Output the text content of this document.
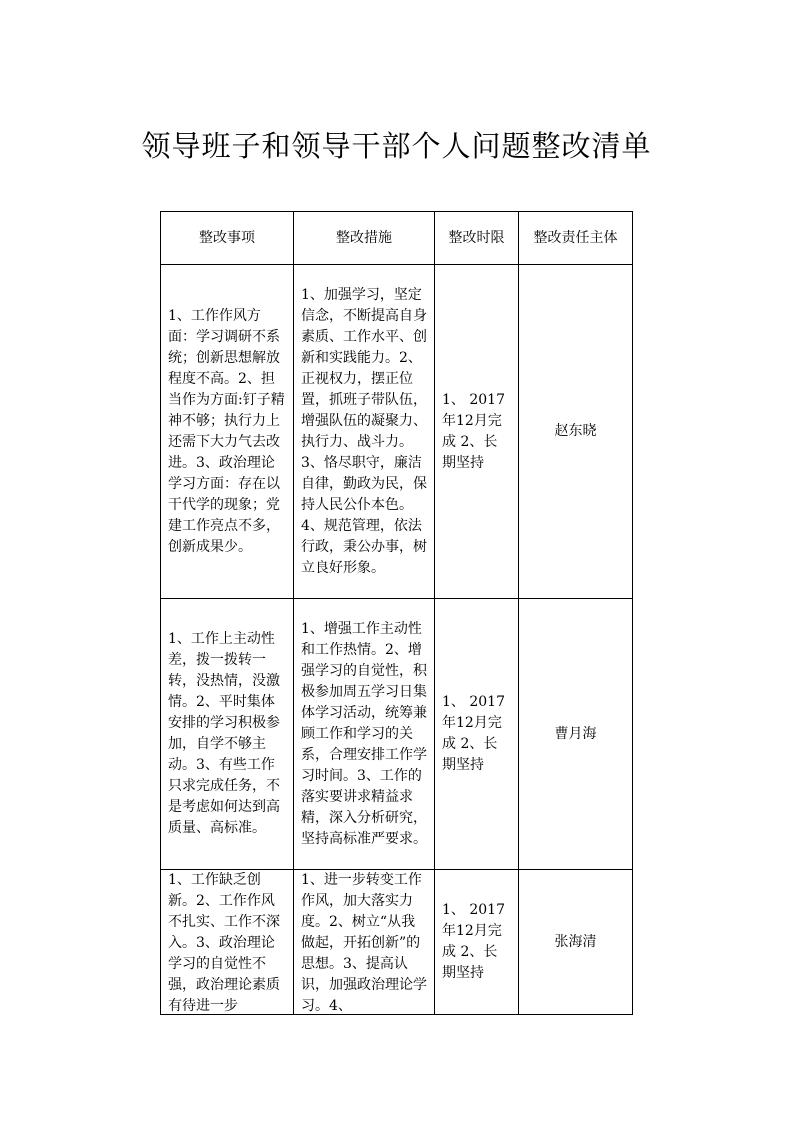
领导班子和领导干部个人问题整改清单
整改事项	整改措施	整改时限	整改责任主体
1、工作作风方面：学习调研不系统；创新思想解放程度不高。2、担当作为方面:钉子精神不够；执行力上还需下大力气去改进。3、政治理论学习方面：存在以干代学的现象；党建工作亮点不多，创新成果少。	1、加强学习，坚定信念，不断提高自身素质、工作水平、创新和实践能力。2、正视权力，摆正位置，抓班子带队伍，增强队伍的凝聚力、执行力、战斗力。3、恪尽职守，廉洁自律，勤政为民，保持人民公仆本色。4、规范管理，依法行政，秉公办事，树立良好形象。	1、 2017年12月完成 2、长期坚持	赵东晓
1、工作上主动性差，拨一拨转一转，没热情，没激情。2、平时集体安排的学习积极参加，自学不够主动。3、有些工作只求完成任务，不是考虑如何达到高质量、高标准。	1、增强工作主动性和工作热情。2、增强学习的自觉性，积极参加周五学习日集体学习活动，统筹兼顾工作和学习的关系，合理安排工作学习时间。3、工作的落实要讲求精益求精，深入分析研究，坚持高标准严要求。	1、 2017年12月完成 2、长期坚持	曹月海

1、工作缺乏创新。2、工作作风不扎实、工作不深入。3、政治理论学习的自觉性不强，政治理论素质有待进一步	1、进一步转变工作作风，加大落实力度。2、树立“从我做起，开拓创新”的思想。3、提高认识，加强政治理论学习。4、	1、 2017年12月完成 2、长期坚持	张海清
